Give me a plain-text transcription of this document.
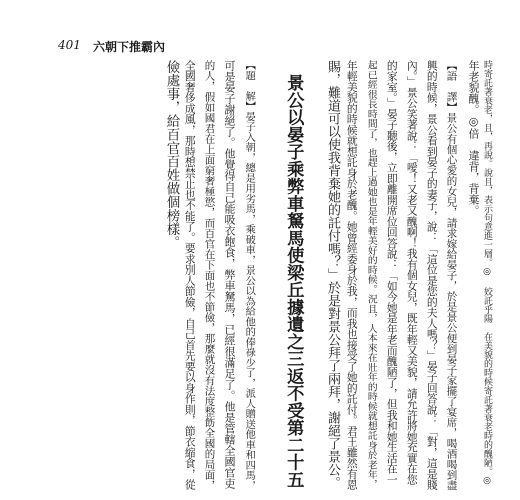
401 六朝下推霸內
時寄託著衰老，且，再說。說且，表示句意進一層。◎ 姣託乎陽　在美貌的時候寄託著衰老時的醜陋。◎
年老貌醜。◎倍　違背，背棄。
【語　譯】景公有個心愛的女兒，請求嫁給晏子，於是景公便到晏子家擺了宴席，喝酒喝到盡
興的時候，景公看到晏子的妻子，說：「這位是您的夫人嗎？」晏子回答說：「對，這是賤
內。」景公笑著說：「噯！又老又醜啊！我有個女兒，既年輕又美貌，請允許將她充實在您
的家室。」晏子聽後，立即離開席位回答說：「如今她是年老而醜陋了，但我和她生活在一
起已經很長時間了，也趕上過她也是年輕美好的時候。況且，人本來在壯年的時候就想託身於老年，
年輕美貌的時候就想託身於老醜。她曾經委身於我，而我也接受了她的託付。君王雖然有恩
賜，難道可以使我背棄她的託付嗎？」於是對景公拜了兩拜，謝絕了景公。
景公以晏子乘弊車駑馬使梁丘據遺之三返不受第二十五
【題　解】晏子入朝，總是用劣馬，乘破車，景公以為給他的俸祿少了，派人贈送他車和四馬，
可是晏子謝絕了。他覺得自己能吸衣飽食，弊車駑馬，已經很滿足了。他是管轄全國官吏
的人，假如國君在上面窮奢極慾，而百官在下面也不節儉，那麼就沒有法度整飭全國的局面，
全國奢侈成風，那時想禁止也不能了。要求別人節儉，自己首先要以身作則，節衣縮食，從
儉處事，給百官百姓做個榜樣。
